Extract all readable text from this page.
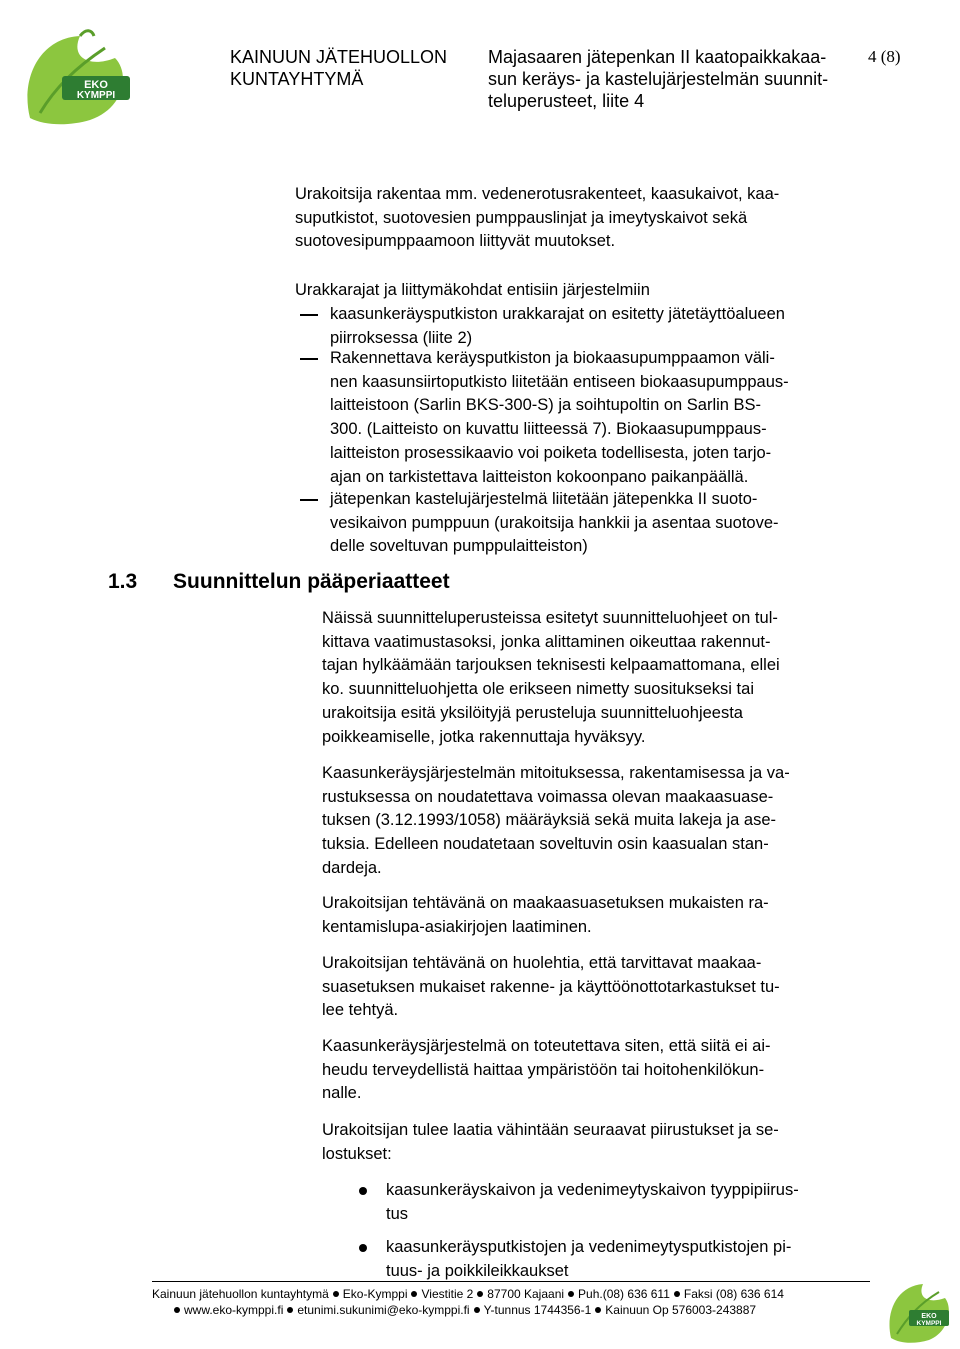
EKO
KYMPPI
KAINUUN JÄTEHUOLLON
KUNTAYHTYMÄ
Majasaaren jätepenkan II kaatopaikkakaa-
sun keräys- ja kastelujärjestelmän suunnit-
teluperusteet, liite 4
4 (8)
Urakoitsija rakentaa mm. vedenerotusrakenteet, kaasukaivot, kaa-
suputkistot, suotovesien pumppauslinjat ja imeytyskaivot sekä
suotovesipumppaamoon liittyvät muutokset.
Urakkarajat ja liittymäkohdat entisiin järjestelmiin
kaasunkeräysputkiston urakkarajat on esitetty jätetäyttöalueen
piirroksessa (liite 2)
Rakennettava keräysputkiston ja biokaasupumppaamon väli-
nen kaasunsiirtoputkisto liitetään entiseen biokaasupumppaus-
laitteistoon (Sarlin BKS-300-S) ja soihtupoltin on Sarlin BS-
300. (Laitteisto on kuvattu liitteessä 7). Biokaasupumppaus-
laitteiston prosessikaavio voi poiketa todellisesta, joten tarjo-
ajan on tarkistettava laitteiston kokoonpano paikanpäällä.
jätepenkan kastelujärjestelmä liitetään jätepenkka II suoto-
vesikaivon pumppuun (urakoitsija hankkii ja asentaa suotove-
delle soveltuvan pumppulaitteiston)
1.3 Suunnittelun pääperiaatteet
Näissä suunnitteluperusteissa esitetyt suunnitteluohjeet on tul-
kittava vaatimustasoksi, jonka alittaminen oikeuttaa rakennut-
tajan hylkäämään tarjouksen teknisesti kelpaamattomana, ellei
ko. suunnitteluohjetta ole erikseen nimetty suositukseksi tai
urakoitsija esitä yksilöityjä perusteluja suunnitteluohjeesta
poikkeamiselle, jotka rakennuttaja hyväksyy.
Kaasunkeräysjärjestelmän mitoituksessa, rakentamisessa ja va-
rustuksessa on noudatettava voimassa olevan maakaasuase-
tuksen (3.12.1993/1058) määräyksiä sekä muita lakeja ja ase-
tuksia. Edelleen noudatetaan soveltuvin osin kaasualan stan-
dardeja.
Urakoitsijan tehtävänä on maakaasuasetuksen mukaisten ra-
kentamislupa-asiakirjojen laatiminen.
Urakoitsijan tehtävänä on huolehtia, että tarvittavat maakaa-
suasetuksen mukaiset rakenne- ja käyttöönottotarkastukset tu-
lee tehtyä.
Kaasunkeräysjärjestelmä on toteutettava siten, että siitä ei ai-
heudu terveydellistä haittaa ympäristöön tai hoitohenkilökun-
nalle.
Urakoitsijan tulee laatia vähintään seuraavat piirustukset ja se-
lostukset:
kaasunkeräyskaivon ja vedenimeytyskaivon tyyppipiirus-
tus
kaasunkeräysputkistojen ja vedenimeytysputkistojen pi-
tuus- ja poikkileikkaukset
Kainuun jätehuollon kuntayhtymä Eko-Kymppi Viestitie 2 87700 Kajaani Puh.(08) 636 611 Faksi (08) 636 614
www.eko-kymppi.fi etunimi.sukunimi@eko-kymppi.fi Y-tunnus 1744356-1 Kainuun Op 576003-243887	EKO
KYMPPI
